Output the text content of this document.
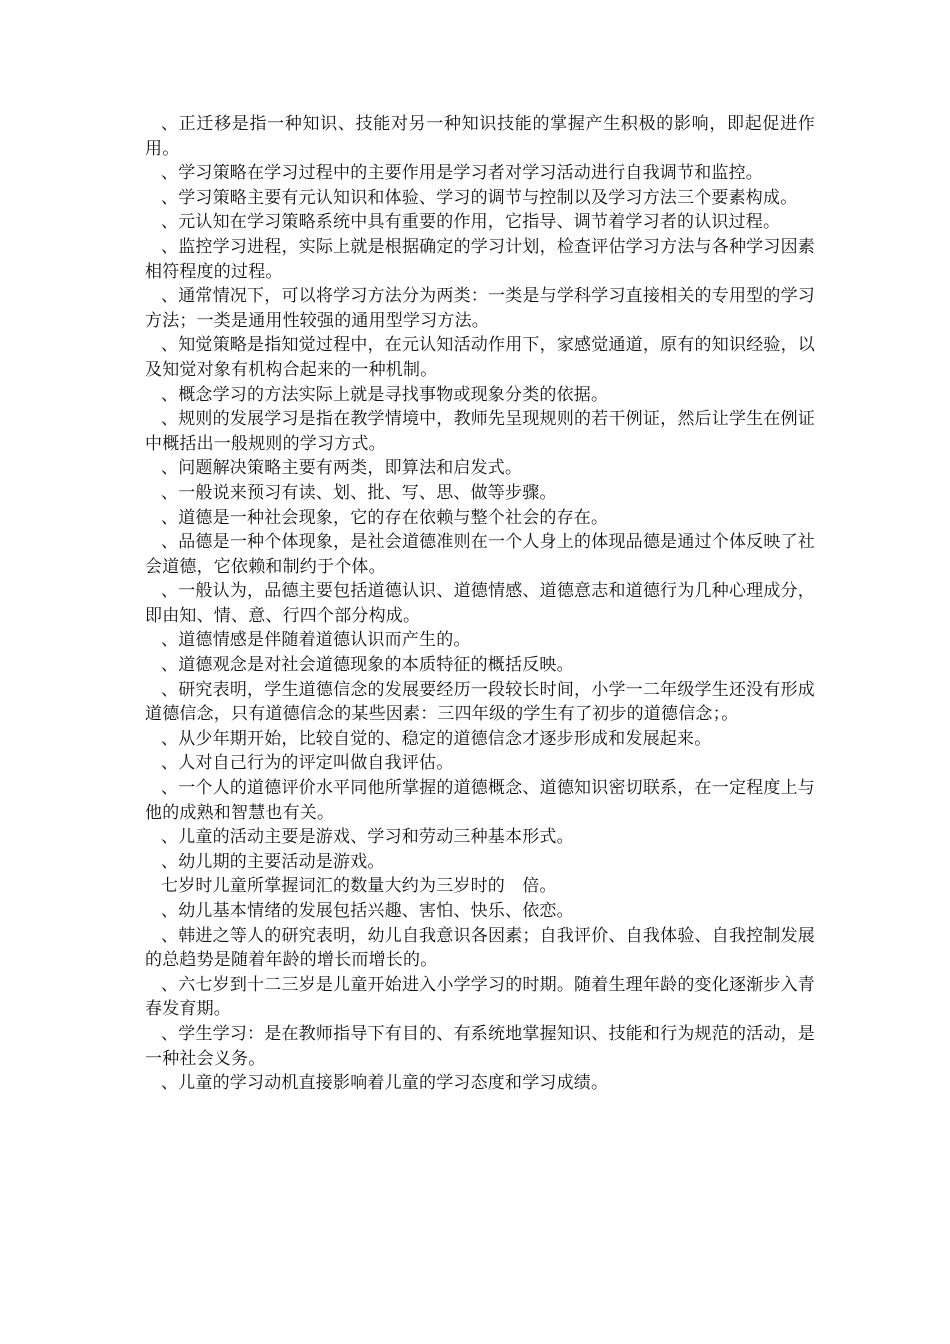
、正迁移是指一种知识、技能对另一种知识技能的掌握产生积极的影响，即起促进作用。

、学习策略在学习过程中的主要作用是学习者对学习活动进行自我调节和监控。

、学习策略主要有元认知识和体验、学习的调节与控制以及学习方法三个要素构成。

、元认知在学习策略系统中具有重要的作用，它指导、调节着学习者的认识过程。

、监控学习进程，实际上就是根据确定的学习计划，检查评估学习方法与各种学习因素相符程度的过程。

、通常情况下，可以将学习方法分为两类：一类是与学科学习直接相关的专用型的学习方法；一类是通用性较强的通用型学习方法。

、知觉策略是指知觉过程中，在元认知活动作用下，家感觉通道，原有的知识经验，以及知觉对象有机构合起来的一种机制。

、概念学习的方法实际上就是寻找事物或现象分类的依据。

、规则的发展学习是指在教学情境中，教师先呈现规则的若干例证，然后让学生在例证中概括出一般规则的学习方式。

、问题解决策略主要有两类，即算法和启发式。

、一般说来预习有读、划、批、写、思、做等步骤。

、道德是一种社会现象，它的存在依赖与整个社会的存在。

、品德是一种个体现象，是社会道德准则在一个人身上的体现品德是通过个体反映了社会道德，它依赖和制约于个体。

、一般认为，品德主要包括道德认识、道德情感、道德意志和道德行为几种心理成分，即由知、情、意、行四个部分构成。

、道德情感是伴随着道德认识而产生的。

、道德观念是对社会道德现象的本质特征的概括反映。

、研究表明，学生道德信念的发展要经历一段较长时间，小学一二年级学生还没有形成道德信念，只有道德信念的某些因素：三四年级的学生有了初步的道德信念；。

、从少年期开始，比较自觉的、稳定的道德信念才逐步形成和发展起来。

、人对自己行为的评定叫做自我评估。

、一个人的道德评价水平同他所掌握的道德概念、道德知识密切联系，在一定程度上与他的成熟和智慧也有关。

、儿童的活动主要是游戏、学习和劳动三种基本形式。

、幼儿期的主要活动是游戏。

七岁时儿童所掌握词汇的数量大约为三岁时的　倍。

、幼儿基本情绪的发展包括兴趣、害怕、快乐、依恋。

、韩进之等人的研究表明，幼儿自我意识各因素；自我评价、自我体验、自我控制发展的总趋势是随着年龄的增长而增长的。

、六七岁到十二三岁是儿童开始进入小学学习的时期。随着生理年龄的变化逐渐步入青春发育期。

、学生学习：是在教师指导下有目的、有系统地掌握知识、技能和行为规范的活动，是一种社会义务。

、儿童的学习动机直接影响着儿童的学习态度和学习成绩。
